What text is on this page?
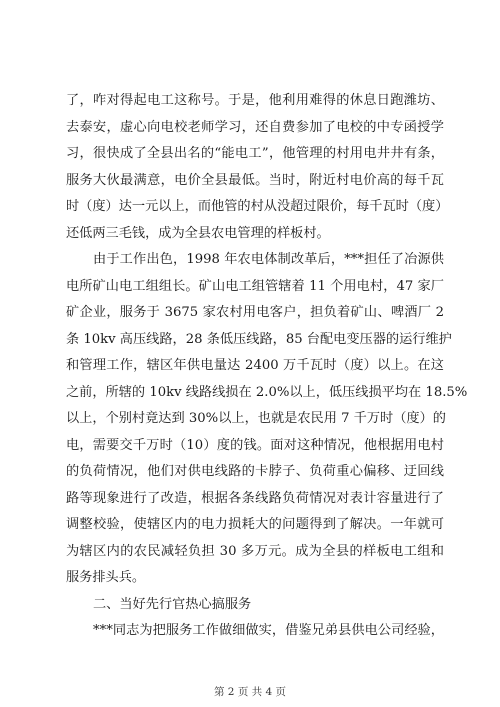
了，咋对得起电工这称号。于是，他利用难得的休息日跑潍坊、
去泰安，虚心向电校老师学习，还自费参加了电校的中专函授学
习，很快成了全县出名的“能电工”，他管理的村用电井井有条，
服务大伙最满意，电价全县最低。当时，附近村电价高的每千瓦
时（度）达一元以上，而他管的村从没超过限价，每千瓦时（度）
还低两三毛钱，成为全县农电管理的样板村。
由于工作出色，1998 年农电体制改革后，***担任了冶源供
电所矿山电工组组长。矿山电工组管辖着 11 个用电村，47 家厂
矿企业，服务于 3675 家农村用电客户，担负着矿山、啤酒厂 2
条 10kv 高压线路，28 条低压线路，85 台配电变压器的运行维护
和管理工作，辖区年供电量达 2400 万千瓦时（度）以上。在这
之前，所辖的 10kv 线路线损在 2.0%以上，低压线损平均在 18.5%
以上，个别村竟达到 30%以上，也就是农民用 7 千万时（度）的
电，需要交千万时（10）度的钱。面对这种情况，他根据用电村
的负荷情况，他们对供电线路的卡脖子、负荷重心偏移、迂回线
路等现象进行了改造，根据各条线路负荷情况对表计容量进行了
调整校验，使辖区内的电力损耗大的问题得到了解决。一年就可
为辖区内的农民减轻负担 30 多万元。成为全县的样板电工组和
服务排头兵。
二、当好先行官热心搞服务
***同志为把服务工作做细做实，借鉴兄弟县供电公司经验，
第 2 页 共 4 页
